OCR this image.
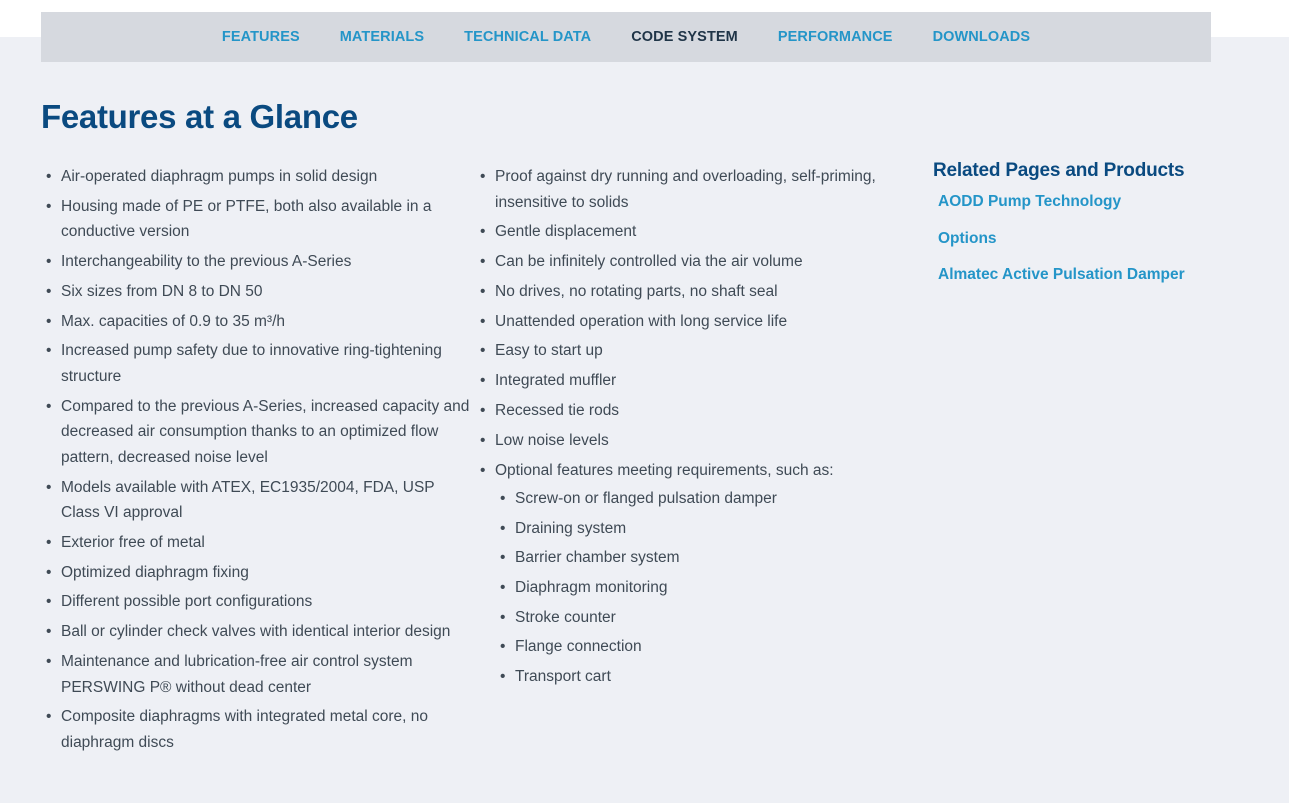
FEATURES	MATERIALS	TECHNICAL DATA	CODE SYSTEM	PERFORMANCE	DOWNLOADS
Features at a Glance
• Air-operated diaphragm pumps in solid design
• Housing made of PE or PTFE, both also available in a conductive version
• Interchangeability to the previous A-Series
• Six sizes from DN 8 to DN 50
• Max. capacities of 0.9 to 35 m³/h
• Increased pump safety due to innovative ring-tightening structure
• Compared to the previous A-Series, increased capacity and decreased air consumption thanks to an optimized flow pattern, decreased noise level
• Models available with ATEX, EC1935/2004, FDA, USP Class VI approval
• Exterior free of metal
• Optimized diaphragm fixing
• Different possible port configurations
• Ball or cylinder check valves with identical interior design
• Maintenance and lubrication-free air control system PERSWING P® without dead center
• Composite diaphragms with integrated metal core, no diaphragm discs
• Proof against dry running and overloading, self-priming, insensitive to solids
• Gentle displacement
• Can be infinitely controlled via the air volume
• No drives, no rotating parts, no shaft seal
• Unattended operation with long service life
• Easy to start up
• Integrated muffler
• Recessed tie rods
• Low noise levels
• Optional features meeting requirements, such as:
• Screw-on or flanged pulsation damper
• Draining system
• Barrier chamber system
• Diaphragm monitoring
• Stroke counter
• Flange connection
• Transport cart
Related Pages and Products
AODD Pump Technology
Options
Almatec Active Pulsation Damper
